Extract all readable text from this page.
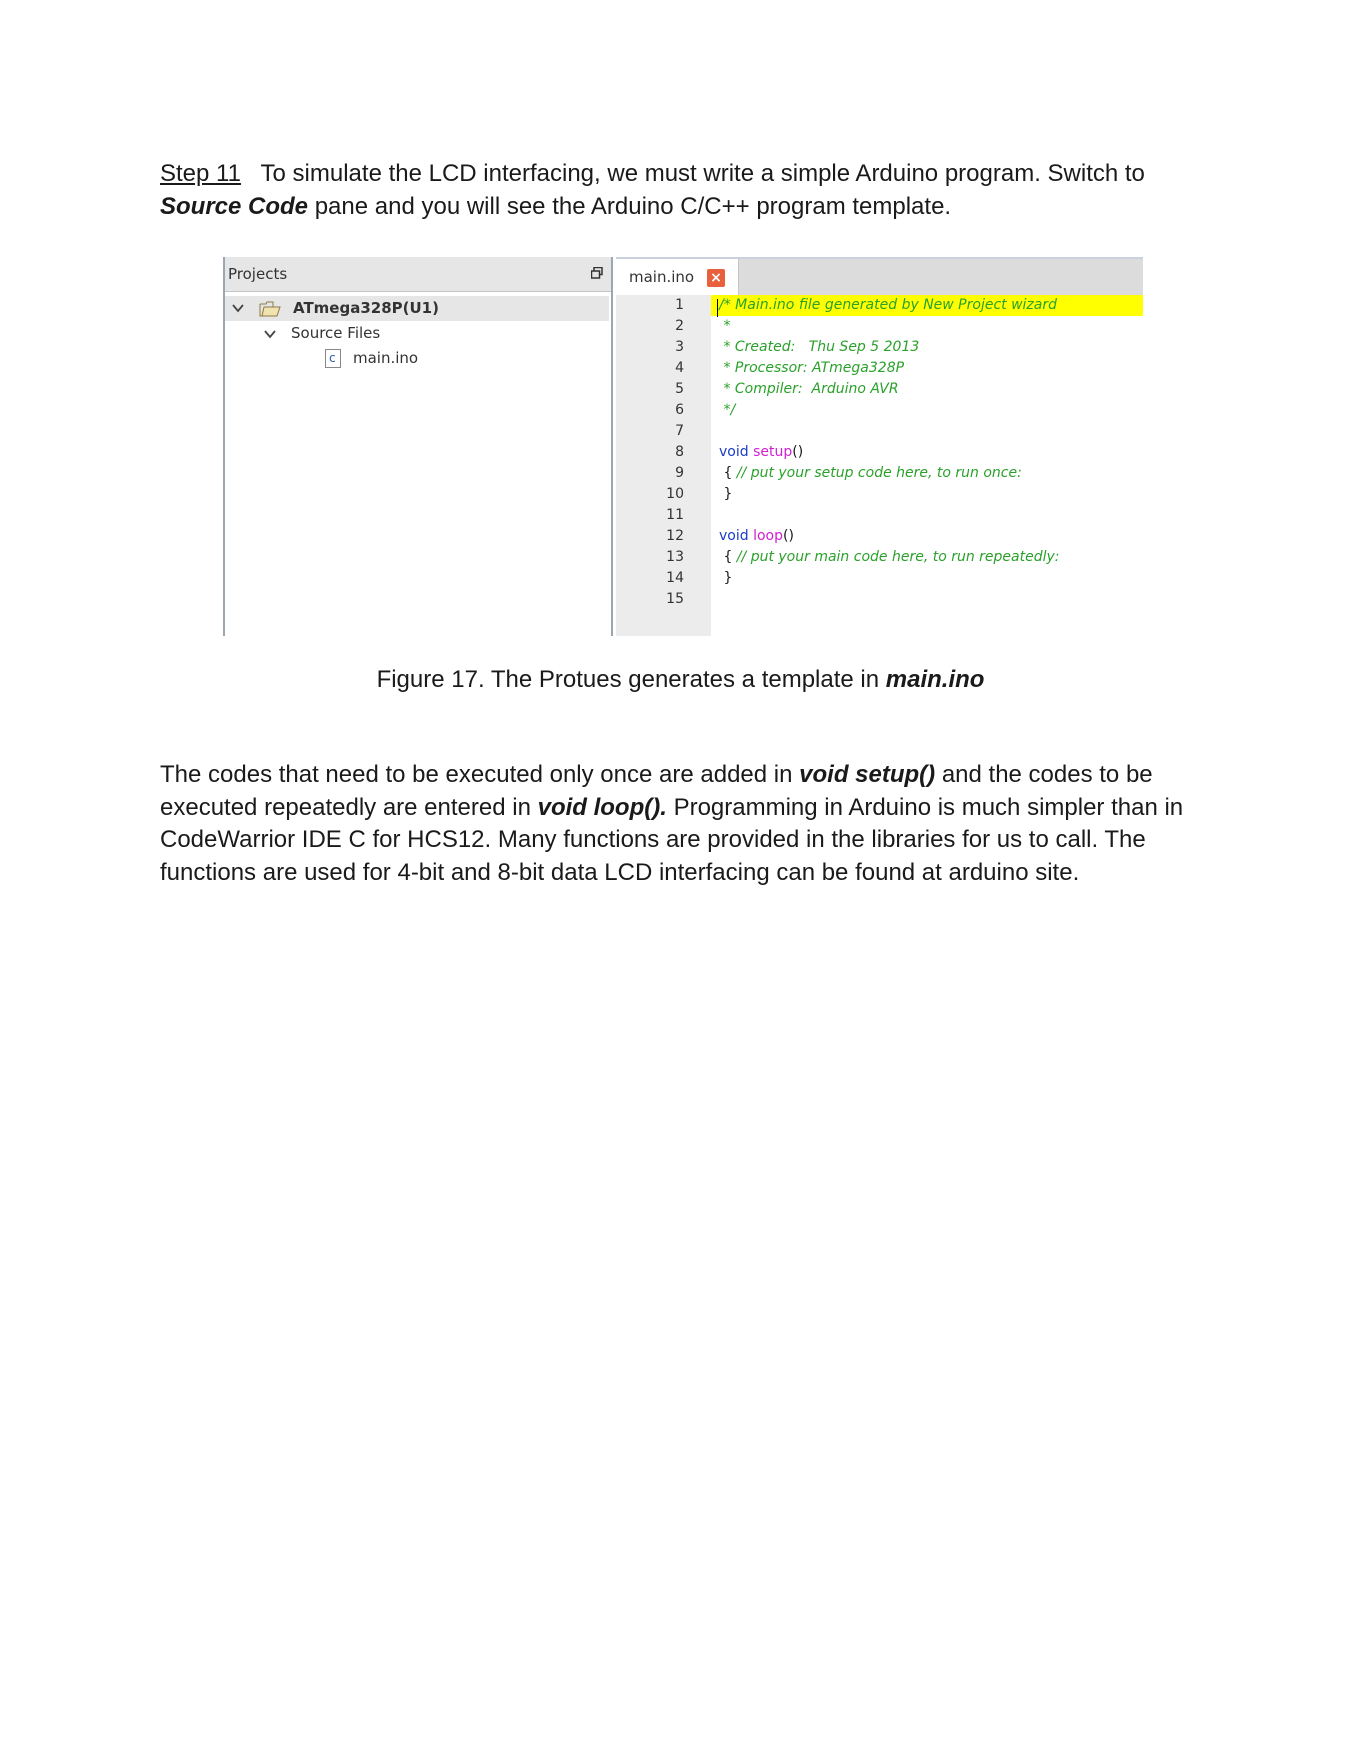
Step 11 To simulate the LCD interfacing, we must write a simple Arduino program. Switch to Source Code pane and you will see the Arduino C/C++ program template.

Projects
ATmega328P(U1)
Source Files
c main.ino
main.ino ×
1
2
3
4
5
6
7
8
9
10
11
12
13
14
15
/* Main.ino file generated by New Project wizard
*
* Created:   Thu Sep 5 2013
* Processor: ATmega328P
* Compiler:  Arduino AVR
*/
void setup()
{ // put your setup code here, to run once:
}
void loop()
{ // put your main code here, to run repeatedly:
}
Figure 17. The Protues generates a template in main.ino

The codes that need to be executed only once are added in void setup() and the codes to be executed repeatedly are entered in void loop(). Programming in Arduino is much simpler than in CodeWarrior IDE C for HCS12. Many functions are provided in the libraries for us to call. The functions are used for 4-bit and 8-bit data LCD interfacing can be found at arduino site.
